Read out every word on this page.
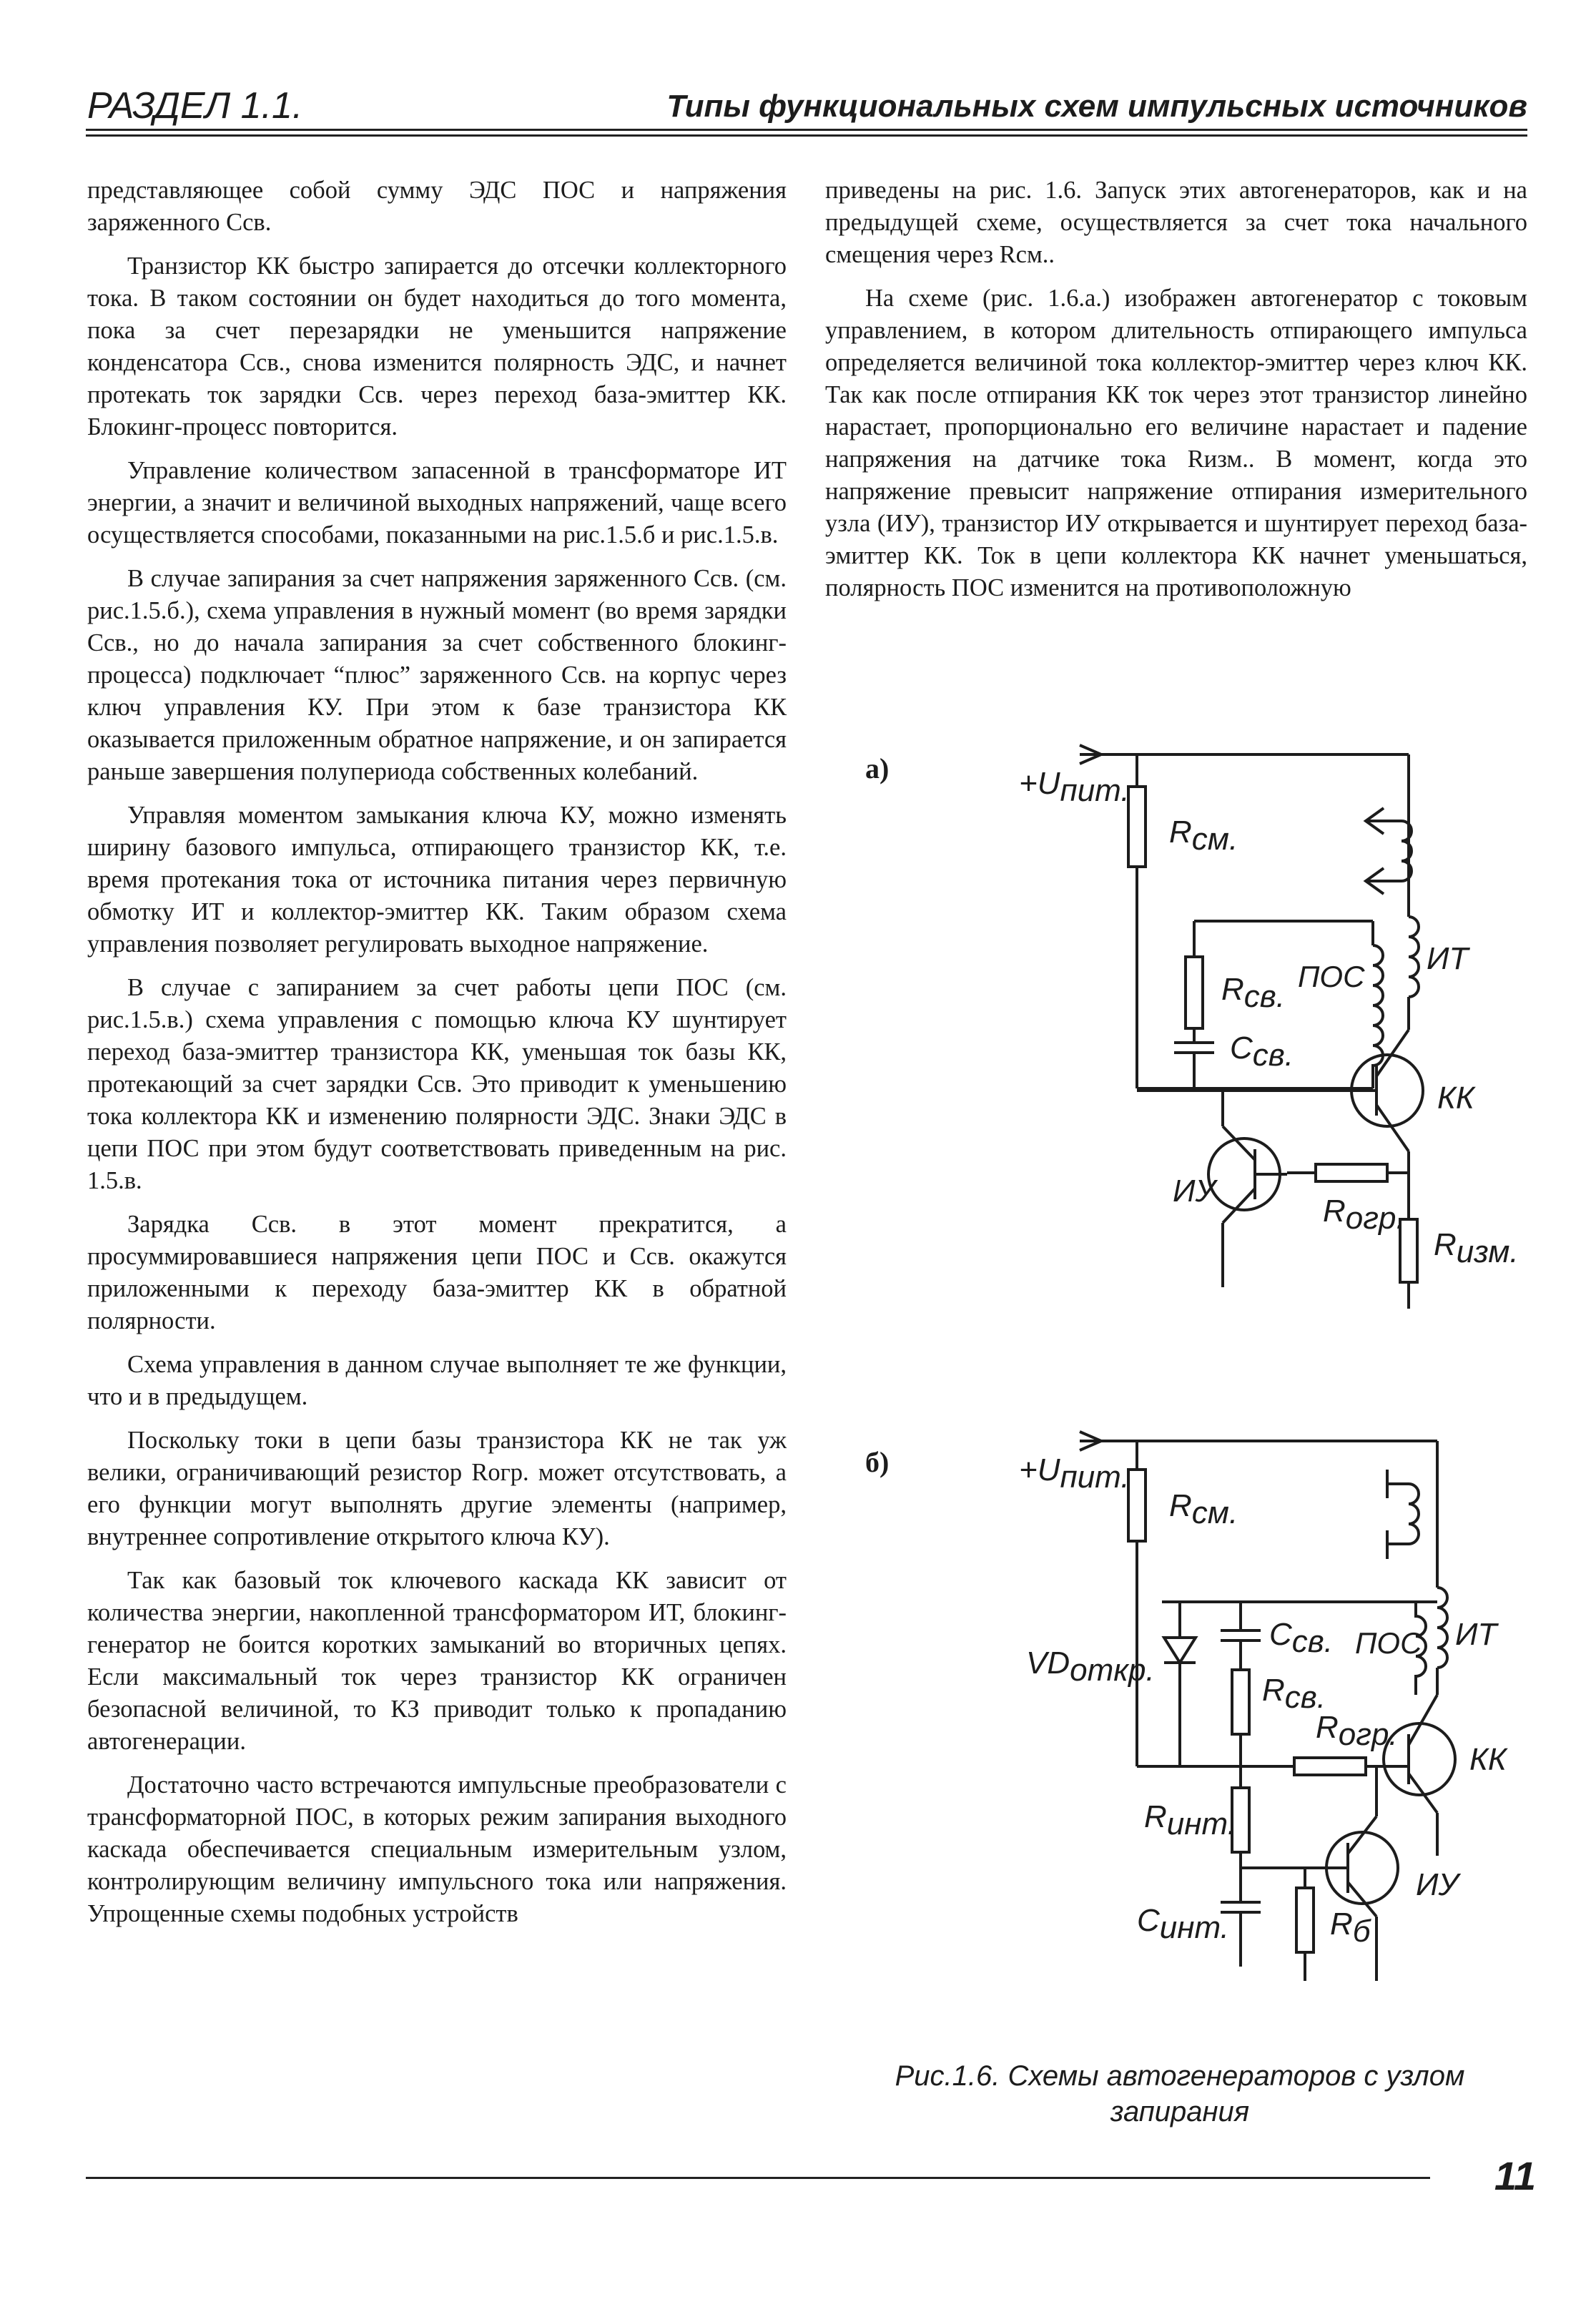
РАЗДЕЛ 1.1.	Типы функциональных схем импульсных источников

представляющее собой сумму ЭДС ПОС и напряжения заряженного Cсв.

Транзистор КК быстро запирается до отсечки коллекторного тока. В таком состоянии он будет находиться до того момента, пока за счет перезарядки не уменьшится напряжение конденсатора Cсв., снова изменится полярность ЭДС, и начнет протекать ток зарядки Cсв. через переход база-эмиттер КК. Блокинг-процесс повторится.

Управление количеством запасенной в трансформаторе ИТ энергии, а значит и величиной выходных напряжений, чаще всего осуществляется способами, показанными на рис.1.5.б и рис.1.5.в.

В случае запирания за счет напряжения заряженного Cсв. (см. рис.1.5.б.), схема управления в нужный момент (во время зарядки Cсв., но до начала запирания за счет собственного блокинг-процесса) подключает “плюс” заряженного Cсв. на корпус через ключ управления КУ. При этом к базе транзистора КК оказывается приложенным обратное напряжение, и он запирается раньше завершения полупериода собственных колебаний.

Управляя моментом замыкания ключа КУ, можно изменять ширину базового импульса, отпирающего транзистор КК, т.е. время протекания тока от источника питания через первичную обмотку ИТ и коллектор-эмиттер КК. Таким образом схема управления позволяет регулировать выходное напряжение.

В случае с запиранием за счет работы цепи ПОС (см. рис.1.5.в.) схема управления с помощью ключа КУ шунтирует переход база-эмиттер транзистора КК, уменьшая ток базы КК, протекающий за счет зарядки Cсв. Это приводит к уменьшению тока коллектора КК и изменению полярности ЭДС. Знаки ЭДС в цепи ПОС при этом будут соответствовать приведенным на рис. 1.5.в.

Зарядка Cсв. в этот момент прекратится, а просуммировавшиеся напряжения цепи ПОС и Cсв. окажутся приложенными к переходу база-эмиттер КК в обратной полярности.

Схема управления в данном случае выполняет те же функции, что и в предыдущем.

Поскольку токи в цепи базы транзистора КК не так уж велики, ограничивающий резистор Rогр. может отсутствовать, а его функции могут выполнять другие элементы (например, внутреннее сопротивление открытого ключа КУ).

Так как базовый ток ключевого каскада КК зависит от количества энергии, накопленной трансформатором ИТ, блокинг-генератор не боится коротких замыканий во вторичных цепях. Если максимальный ток через транзистор КК ограничен безопасной величиной, то КЗ приводит только к пропаданию автогенерации.

Достаточно часто встречаются импульсные преобразователи с трансформаторной ПОС, в которых режим запирания выходного каскада обеспечивается специальным измерительным узлом, контролирующим величину импульсного тока или напряжения. Упрощенные схемы подобных устройств

приведены на рис. 1.6. Запуск этих автогенераторов, как и на предыдущей схеме, осуществляется за счет тока начального смещения через Rсм..

На схеме (рис. 1.6.а.) изображен автогенератор с токовым управлением, в котором длительность отпирающего импульса определяется величиной тока коллектор-эмиттер через ключ КК. Так как после отпирания КК ток через этот транзистор линейно нарастает, пропорционально его величине нарастает и падение напряжения на датчике тока Rизм.. В момент, когда это напряжение превысит напряжение отпирания измерительного узла (ИУ), транзистор ИУ открывается и шунтирует переход база-эмиттер КК. Ток в цепи коллектора КК начнет уменьшаться, полярность ПОС изменится на противоположную

а)	+Uпит.
Rсм.
Rсв.
Cсв.
ПОС
ИТ
КК
Rизм.
Rогр.
ИУ
б)	+Uпит.
Rсм.
ИТ
ПОС
VDоткр.
Cсв.
Rсв.
Rогр.
КК
Rинт.
Cинт.	Rб
ИУ
Рис.1.6. Схемы автогенераторов с узлом запирания
11
